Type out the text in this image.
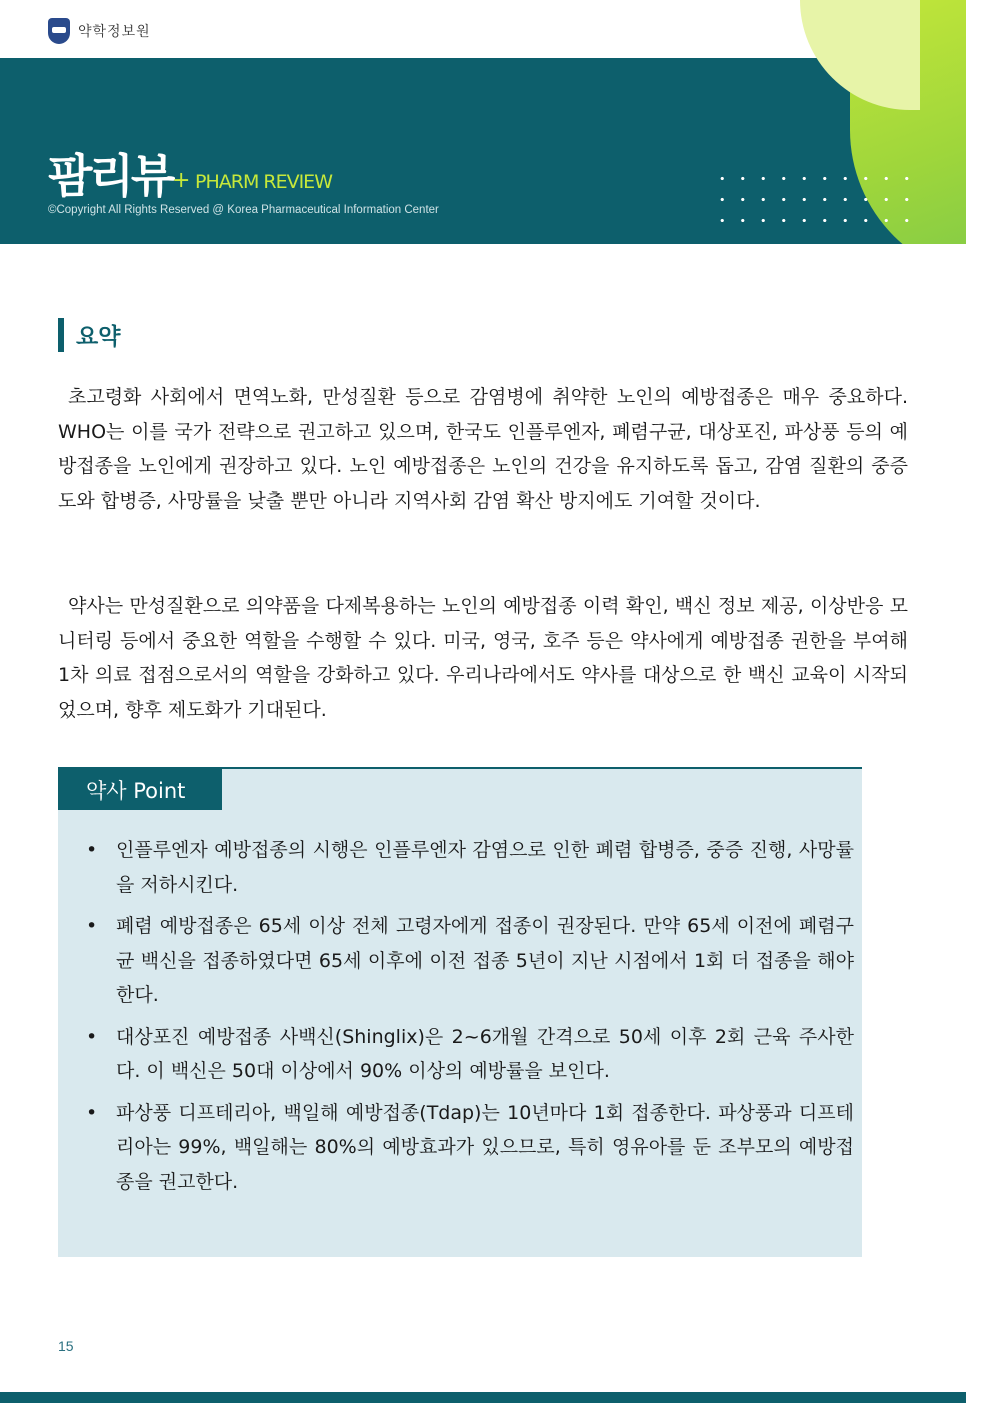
약학정보원
팜리뷰 + PHARM REVIEW
©Copyright All Rights Reserved @ Korea Pharmaceutical Information Center
요약

초고령화 사회에서 면역노화, 만성질환 등으로 감염병에 취약한 노인의 예방접종은 매우 중요하다. WHO는 이를 국가 전략으로 권고하고 있으며, 한국도 인플루엔자, 폐렴구균, 대상포진, 파상풍 등의 예방접종을 노인에게 권장하고 있다. 노인 예방접종은 노인의 건강을 유지하도록 돕고, 감염 질환의 중증도와 합병증, 사망률을 낮출 뿐만 아니라 지역사회 감염 확산 방지에도 기여할 것이다.

약사는 만성질환으로 의약품을 다제복용하는 노인의 예방접종 이력 확인, 백신 정보 제공, 이상반응 모니터링 등에서 중요한 역할을 수행할 수 있다. 미국, 영국, 호주 등은 약사에게 예방접종 권한을 부여해 1차 의료 접점으로서의 역할을 강화하고 있다. 우리나라에서도 약사를 대상으로 한 백신 교육이 시작되었으며, 향후 제도화가 기대된다.

약사 Point
• 인플루엔자 예방접종의 시행은 인플루엔자 감염으로 인한 폐렴 합병증, 중증 진행, 사망률을 저하시킨다.
• 폐렴 예방접종은 65세 이상 전체 고령자에게 접종이 권장된다. 만약 65세 이전에 폐렴구균 백신을 접종하였다면 65세 이후에 이전 접종 5년이 지난 시점에서 1회 더 접종을 해야 한다.
• 대상포진 예방접종 사백신(Shinglix)은 2~6개월 간격으로 50세 이후 2회 근육 주사한다. 이 백신은 50대 이상에서 90% 이상의 예방률을 보인다.
• 파상풍 디프테리아, 백일해 예방접종(Tdap)는 10년마다 1회 접종한다. 파상풍과 디프테리아는 99%, 백일해는 80%의 예방효과가 있으므로, 특히 영유아를 둔 조부모의 예방접종을 권고한다.
15
